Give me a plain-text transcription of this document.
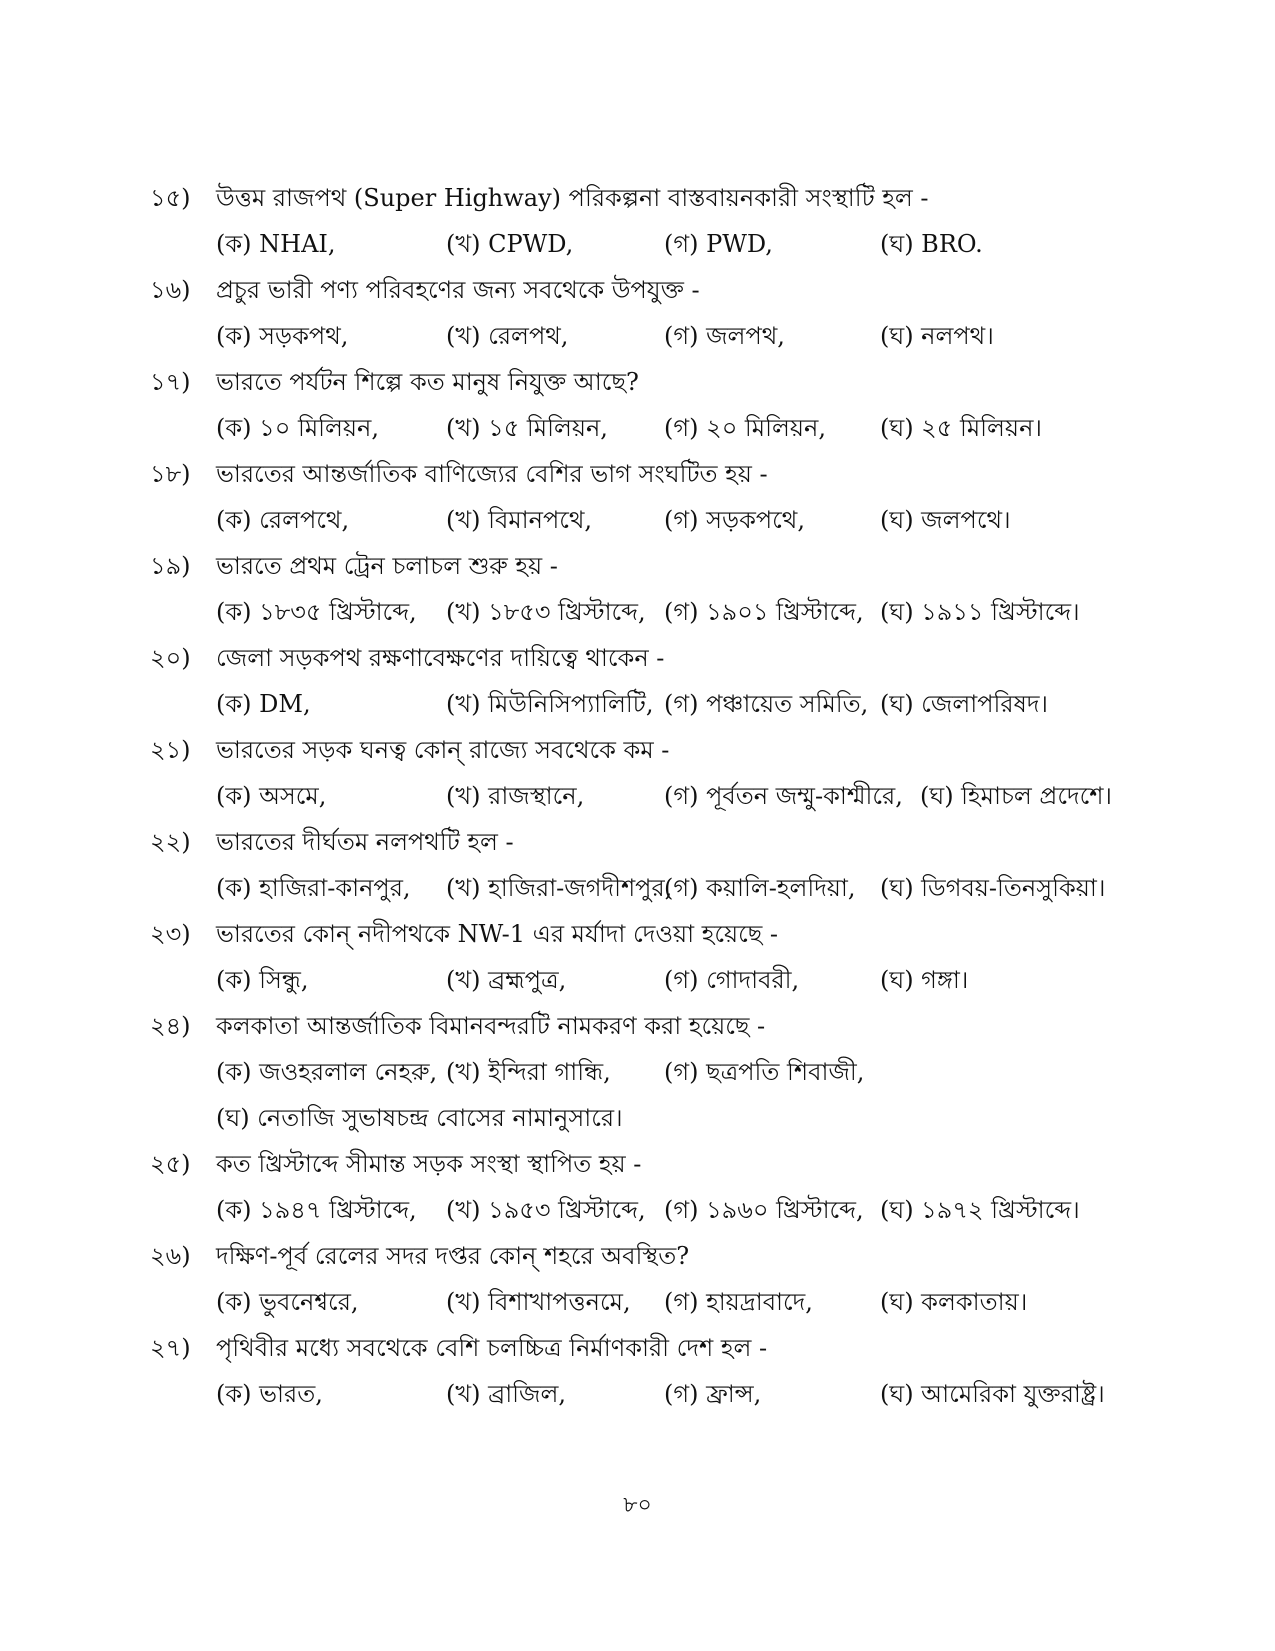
১৫) উত্তম রাজপথ (Super Highway) পরিকল্পনা বাস্তবায়নকারী সংস্থাটি হল -
(ক) NHAI,	(খ) CPWD,	(গ) PWD,	(ঘ) BRO.
১৬) প্রচুর ভারী পণ্য পরিবহণের জন্য সবথেকে উপযুক্ত -
(ক) সড়কপথ,	(খ) রেলপথ,	(গ) জলপথ,	(ঘ) নলপথ।
১৭) ভারতে পর্যটন শিল্পে কত মানুষ নিযুক্ত আছে?
(ক) ১০ মিলিয়ন,	(খ) ১৫ মিলিয়ন, (গ) ২০ মিলিয়ন, (ঘ) ২৫ মিলিয়ন।
১৮) ভারতের আন্তর্জাতিক বাণিজ্যের বেশির ভাগ সংঘটিত হয় -
(ক) রেলপথে,	(খ) বিমানপথে,	(গ) সড়কপথে,	(ঘ) জলপথে।
১৯) ভারতে প্রথম ট্রেন চলাচল শুরু হয় -
(ক) ১৮৩৫ খ্রিস্টাব্দে, (খ) ১৮৫৩ খ্রিস্টাব্দে, (গ) ১৯০১ খ্রিস্টাব্দে, (ঘ) ১৯১১ খ্রিস্টাব্দে।
২০) জেলা সড়কপথ রক্ষণাবেক্ষণের দায়িত্বে থাকেন -
(ক) DM,	(খ) মিউনিসিপ্যালিটি, (গ) পঞ্চায়েত সমিতি, (ঘ) জেলাপরিষদ।
২১) ভারতের সড়ক ঘনত্ব কোন্ রাজ্যে সবথেকে কম -
(ক) অসমে,	(খ) রাজস্থানে,	(গ) পূর্বতন জম্মু-কাশ্মীরে, (ঘ) হিমাচল প্রদেশে।
২২) ভারতের দীর্ঘতম নলপথটি হল -
(ক) হাজিরা-কানপুর, (খ) হাজিরা-জগদীশপুর,
(গ) কয়ালি-হলদিয়া, (ঘ) ডিগবয়-তিনসুকিয়া।
২৩) ভারতের কোন্ নদীপথকে NW-1 এর মর্যাদা দেওয়া হয়েছে -
(ক) সিন্ধু,	(খ) ব্রহ্মপুত্র,	(গ) গোদাবরী,	(ঘ) গঙ্গা।
২৪) কলকাতা আন্তর্জাতিক বিমানবন্দরটি নামকরণ করা হয়েছে -
(ক) জওহরলাল নেহরু, (খ) ইন্দিরা গান্ধি, (গ) ছত্রপতি শিবাজী,
(ঘ) নেতাজি সুভাষচন্দ্র বোসের নামানুসারে।
২৫) কত খ্রিস্টাব্দে সীমান্ত সড়ক সংস্থা স্থাপিত হয় -
(ক) ১৯৪৭ খ্রিস্টাব্দে, (খ) ১৯৫৩ খ্রিস্টাব্দে, (গ) ১৯৬০ খ্রিস্টাব্দে, (ঘ) ১৯৭২ খ্রিস্টাব্দে।
২৬) দক্ষিণ-পূর্ব রেলের সদর দপ্তর কোন্ শহরে অবস্থিত?
(ক) ভুবনেশ্বরে,	(খ) বিশাখাপত্তনমে, (গ) হায়দ্রাবাদে,	(ঘ) কলকাতায়।
২৭) পৃথিবীর মধ্যে সবথেকে বেশি চলচ্চিত্র নির্মাণকারী দেশ হল -
(ক) ভারত,	(খ) ব্রাজিল,	(গ) ফ্রান্স,	(ঘ) আমেরিকা যুক্তরাষ্ট্র।
৮০
